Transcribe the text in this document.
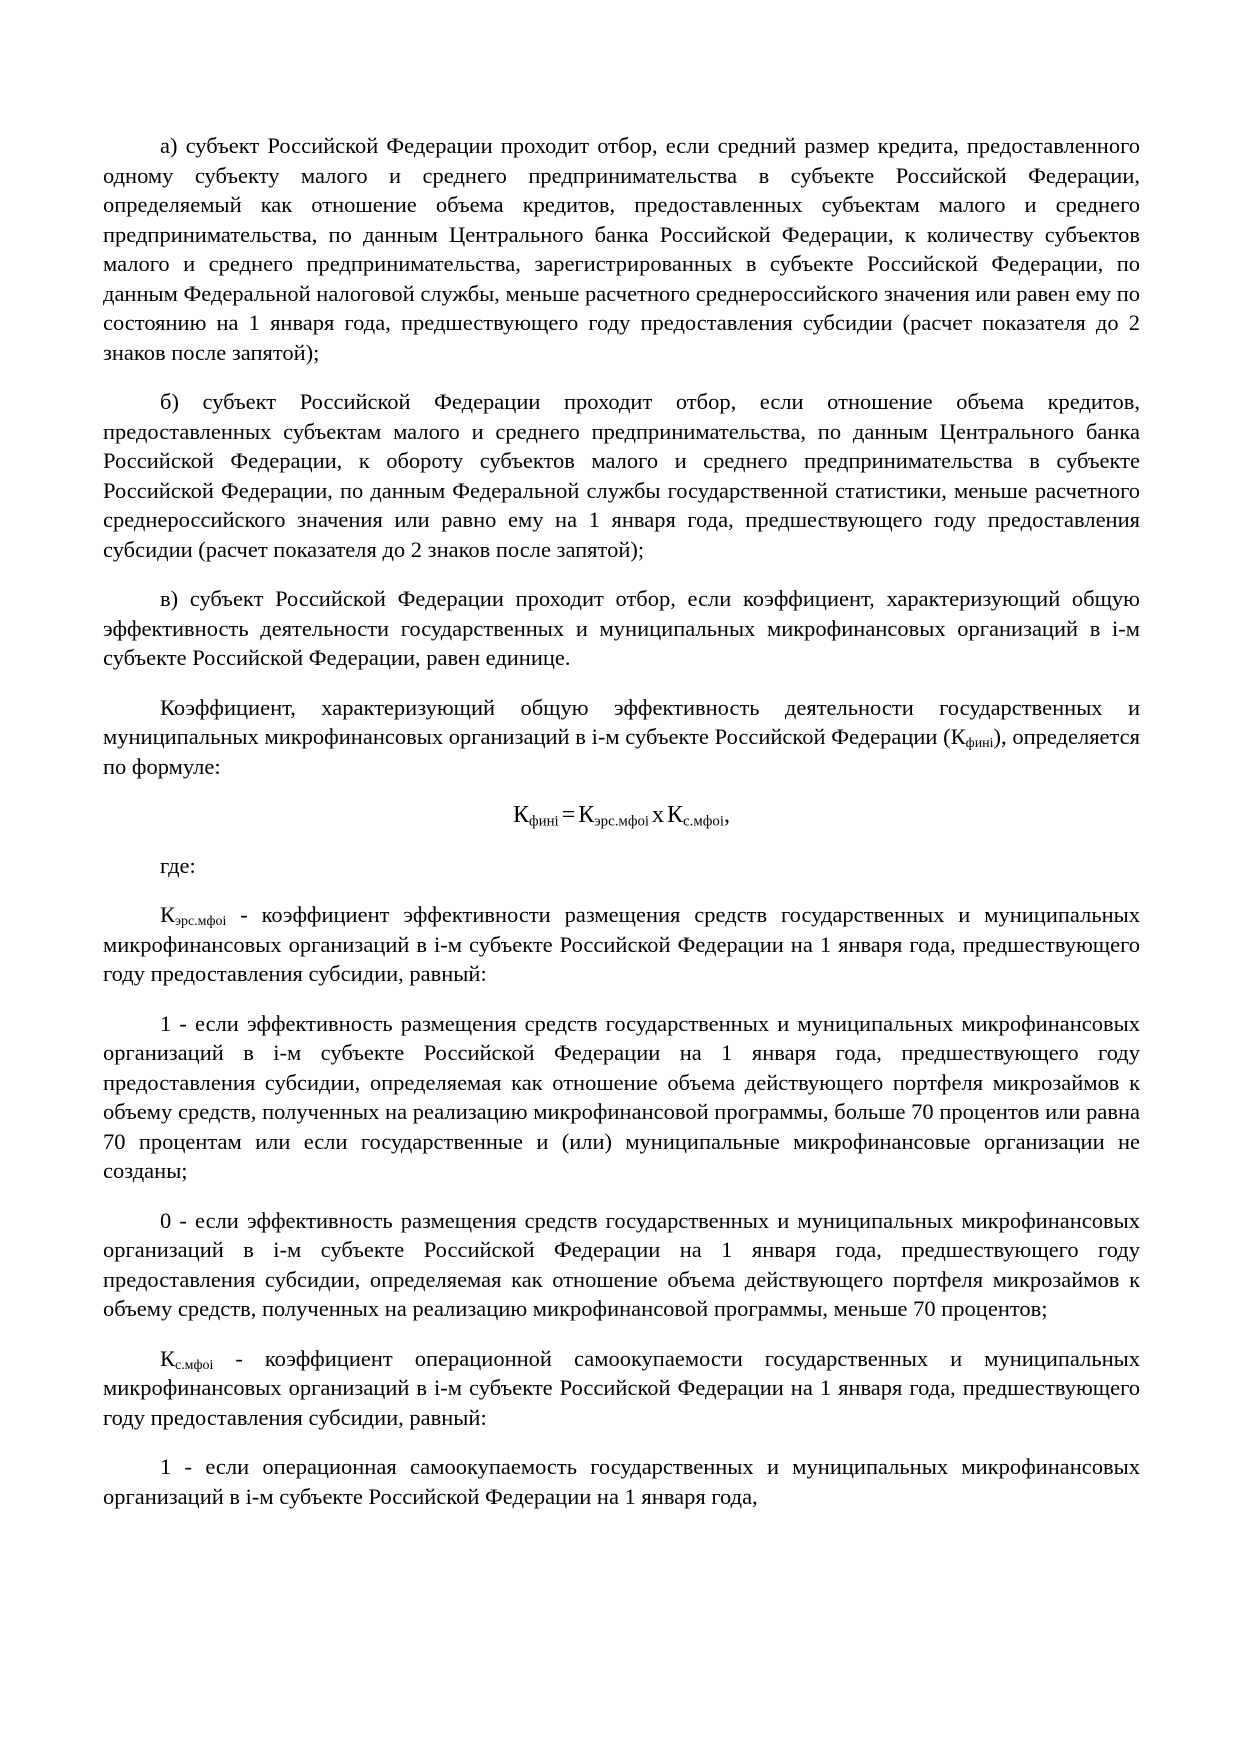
а) субъект Российской Федерации проходит отбор, если средний размер кредита, предоставленного одному субъекту малого и среднего предпринимательства в субъекте Российской Федерации, определяемый как отношение объема кредитов, предоставленных субъектам малого и среднего предпринимательства, по данным Центрального банка Российской Федерации, к количеству субъектов малого и среднего предпринимательства, зарегистрированных в субъекте Российской Федерации, по данным Федеральной налоговой службы, меньше расчетного среднероссийского значения или равен ему по состоянию на 1 января года, предшествующего году предоставления субсидии (расчет показателя до 2 знаков после запятой);

б) субъект Российской Федерации проходит отбор, если отношение объема кредитов, предоставленных субъектам малого и среднего предпринимательства, по данным Центрального банка Российской Федерации, к обороту субъектов малого и среднего предпринимательства в субъекте Российской Федерации, по данным Федеральной службы государственной статистики, меньше расчетного среднероссийского значения или равно ему на 1 января года, предшествующего году предоставления субсидии (расчет показателя до 2 знаков после запятой);

в) субъект Российской Федерации проходит отбор, если коэффициент, характеризующий общую эффективность деятельности государственных и муниципальных микрофинансовых организаций в i-м субъекте Российской Федерации, равен единице.

Коэффициент, характеризующий общую эффективность деятельности государственных и муниципальных микрофинансовых организаций в i-м субъекте Российской Федерации $(К_{финi})$, определяется по формуле:

$К_{финi} = К_{эрс.мфоi}$ х $К_{с.мфоi}$,

где:

$К_{эрс.мфоi}$ - коэффициент эффективности размещения средств государственных и муниципальных микрофинансовых организаций в i-м субъекте Российской Федерации на 1 января года, предшествующего году предоставления субсидии, равный:

1 - если эффективность размещения средств государственных и муниципальных микрофинансовых организаций в i-м субъекте Российской Федерации на 1 января года, предшествующего году предоставления субсидии, определяемая как отношение объема действующего портфеля микрозаймов к объему средств, полученных на реализацию микрофинансовой программы, больше 70 процентов или равна 70 процентам или если государственные и (или) муниципальные микрофинансовые организации не созданы;

0 - если эффективность размещения средств государственных и муниципальных микрофинансовых организаций в i-м субъекте Российской Федерации на 1 января года, предшествующего году предоставления субсидии, определяемая как отношение объема действующего портфеля микрозаймов к объему средств, полученных на реализацию микрофинансовой программы, меньше 70 процентов;

$К_{с.мфоi}$ - коэффициент операционной самоокупаемости государственных и муниципальных микрофинансовых организаций в i-м субъекте Российской Федерации на 1 января года, предшествующего году предоставления субсидии, равный:

1 - если операционная самоокупаемость государственных и муниципальных микрофинансовых организаций в i-м субъекте Российской Федерации на 1 января года,
